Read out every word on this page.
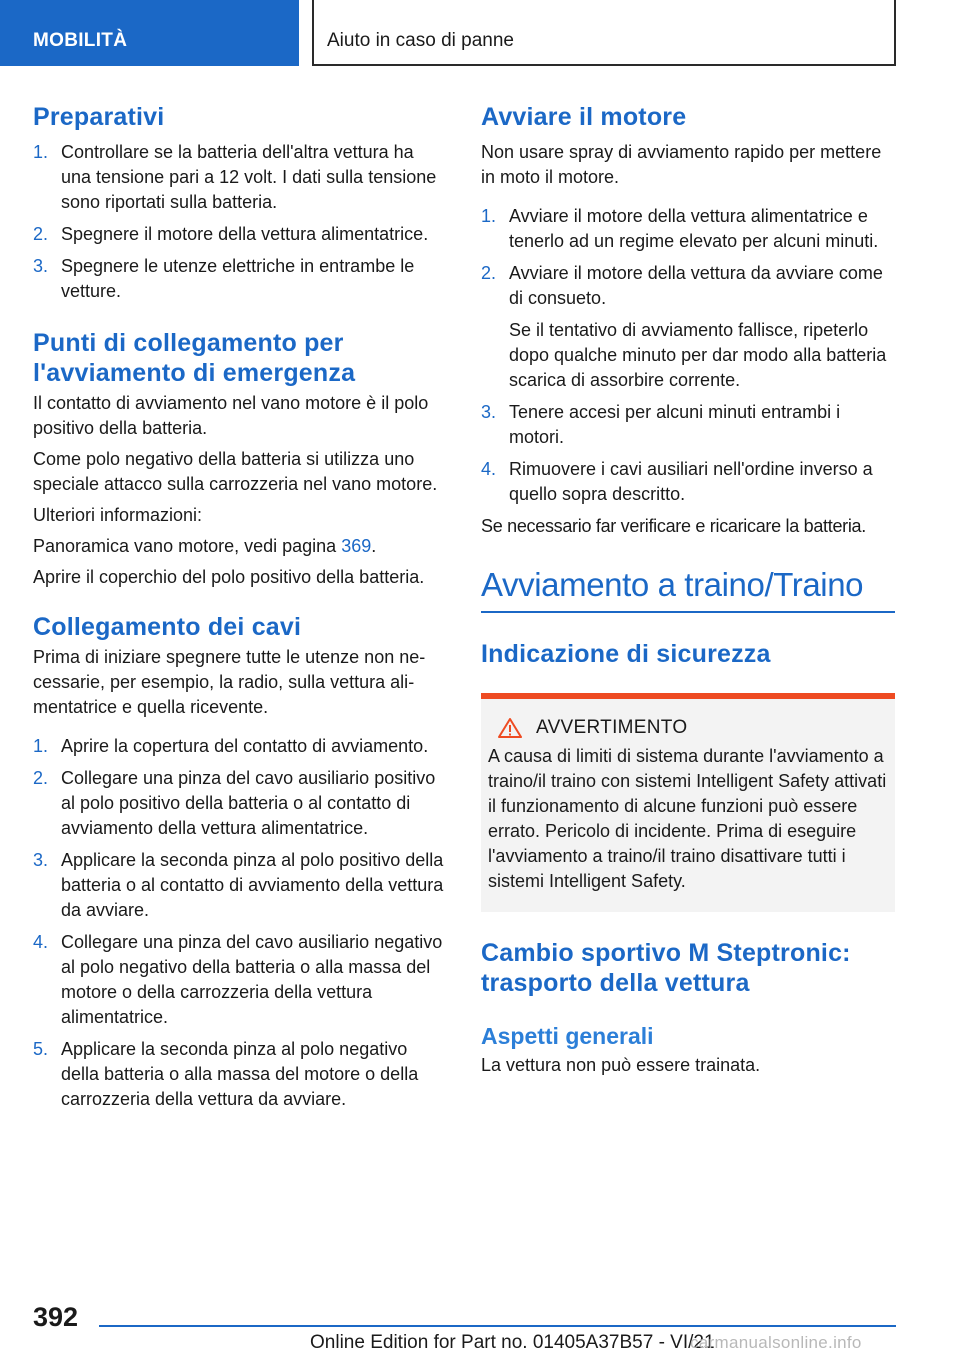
MOBILITÀ	Aiuto in caso di panne
Preparativi
1. Controllare se la batteria dell'altra vettura ha una tensione pari a 12 volt. I dati sulla tensione sono riportati sulla batteria.
2. Spegnere il motore della vettura alimentatrice.
3. Spegnere le utenze elettriche in entrambe le vetture.
Punti di collegamento per l'avviamento di emergenza

Il contatto di avviamento nel vano motore è il polo positivo della batteria.

Come polo negativo della batteria si utilizza uno speciale attacco sulla carrozzeria nel vano motore.

Ulteriori informazioni:

Panoramica vano motore, vedi pagina 369.

Aprire il coperchio del polo positivo della batteria.

Collegamento dei cavi

Prima di iniziare spegnere tutte le utenze non necessarie, per esempio, la radio, sulla vettura alimentatrice e quella ricevente.

1. Aprire la copertura del contatto di avviamento.
2. Collegare una pinza del cavo ausiliario positivo al polo positivo della batteria o al contatto di avviamento della vettura alimentatrice.
3. Applicare la seconda pinza al polo positivo della batteria o al contatto di avviamento della vettura da avviare.
4. Collegare una pinza del cavo ausiliario negativo al polo negativo della batteria o alla massa del motore o della carrozzeria della vettura alimentatrice.
5. Applicare la seconda pinza al polo negativo della batteria o alla massa del motore o della carrozzeria della vettura da avviare.
Avviare il motore

Non usare spray di avviamento rapido per mettere in moto il motore.

1. Avviare il motore della vettura alimentatrice e tenerlo ad un regime elevato per alcuni minuti.
2. Avviare il motore della vettura da avviare come di consueto.
Se il tentativo di avviamento fallisce, ripeterlo dopo qualche minuto per dar modo alla batteria scarica di assorbire corrente.
3. Tenere accesi per alcuni minuti entrambi i motori.
4. Rimuovere i cavi ausiliari nell'ordine inverso a quello sopra descritto.

Se necessario far verificare e ricaricare la batteria.

Avviamento a traino/Traino
Indicazione di sicurezza
AVVERTIMENTO

A causa di limiti di sistema durante l'avviamento a traino/il traino con sistemi Intelligent Safety attivati il funzionamento di alcune funzioni può essere errato. Pericolo di incidente. Prima di eseguire l'avviamento a traino/il traino disattivare tutti i sistemi Intelligent Safety.

Cambio sportivo M Steptronic: trasporto della vettura
Aspetti generali

La vettura non può essere trainata.

392
Online Edition for Part no. 01405A37B57 - VI/21
carmanualsonline.info
